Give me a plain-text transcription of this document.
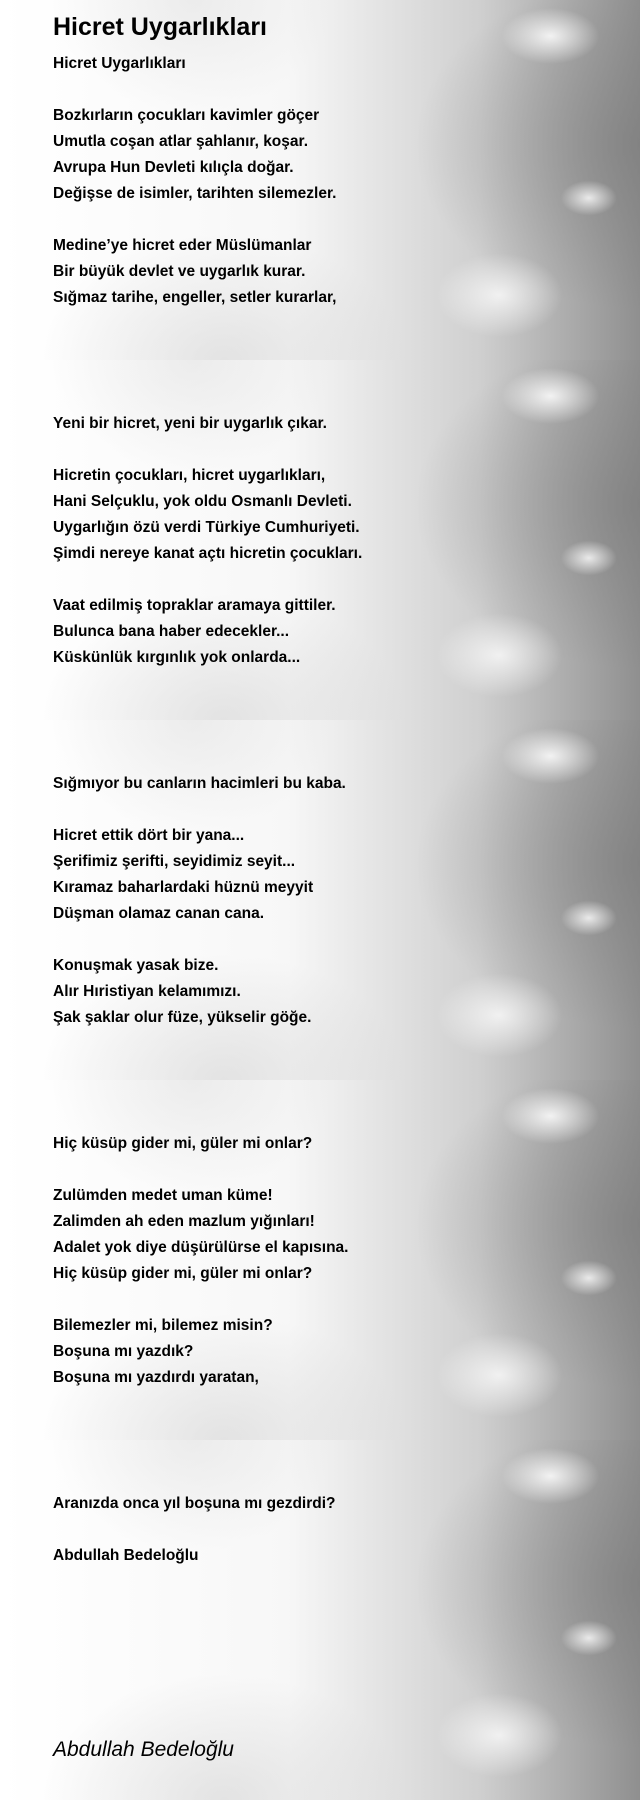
Hicret Uygarlıkları
Hicret Uygarlıkları
Bozkırların çocukları kavimler göçer
Umutla coşan atlar şahlanır, koşar.
Avrupa Hun Devleti kılıçla doğar.
Değişse de isimler, tarihten silemezler.
Medine’ye hicret eder Müslümanlar
Bir büyük devlet ve uygarlık kurar.
Sığmaz tarihe, engeller, setler kurarlar,
Yeni bir hicret, yeni bir uygarlık çıkar.
Hicretin çocukları, hicret uygarlıkları,
Hani Selçuklu, yok oldu Osmanlı Devleti.
Uygarlığın özü verdi Türkiye Cumhuriyeti.
Şimdi nereye kanat açtı hicretin çocukları.
Vaat edilmiş topraklar aramaya gittiler.
Bulunca bana haber edecekler...
Küskünlük kırgınlık yok onlarda...
Sığmıyor bu canların hacimleri bu kaba.
Hicret ettik dört bir yana...
Şerifimiz şerifti, seyidimiz seyit...
Kıramaz baharlardaki hüznü meyyit
Düşman olamaz canan cana.
Konuşmak yasak bize.
Alır Hıristiyan kelamımızı.
Şak şaklar olur füze, yükselir göğe.
Hiç küsüp gider mi, güler mi onlar?
Zulümden medet uman küme!
Zalimden ah eden mazlum yığınları!
Adalet yok diye düşürülürse el kapısına.
Hiç küsüp gider mi, güler mi onlar?
Bilemezler mi, bilemez misin?
Boşuna mı yazdık?
Boşuna mı yazdırdı yaratan,
Aranızda onca yıl boşuna mı gezdirdi?
Abdullah Bedeloğlu
Abdullah Bedeloğlu
